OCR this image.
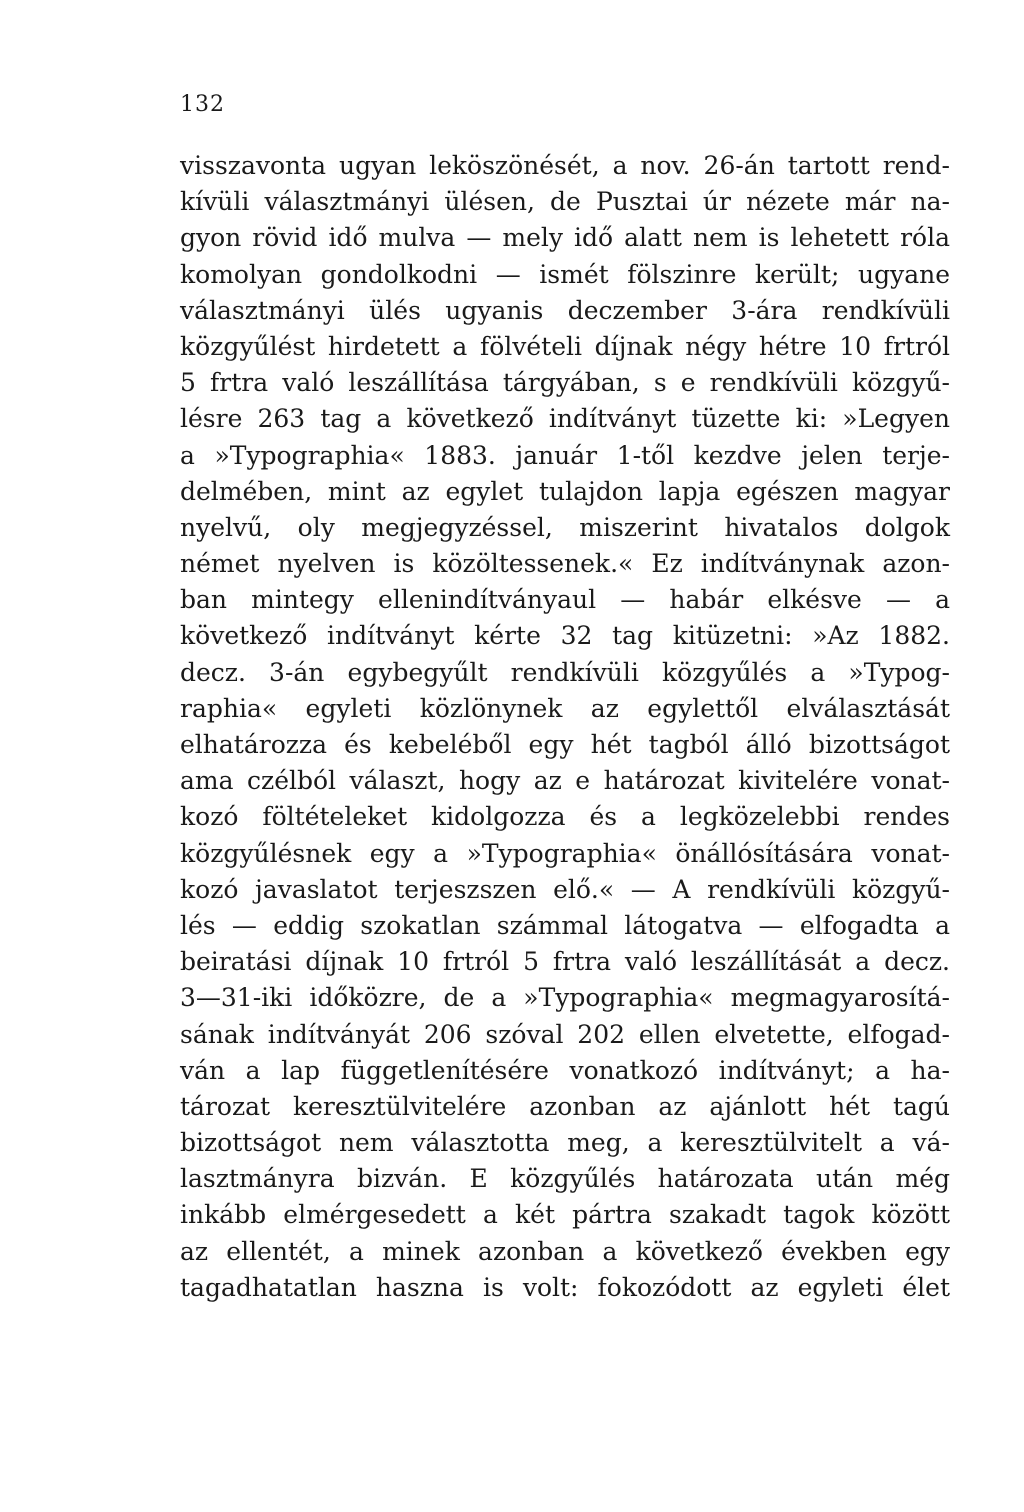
132
visszavonta ugyan leköszönését, a nov. 26-án tartott rend-
kívüli választmányi ülésen, de Pusztai úr nézete már na-
gyon rövid idő mulva — mely idő alatt nem is lehetett róla
komolyan gondolkodni — ismét fölszinre került; ugyane
választmányi ülés ugyanis deczember 3-ára rendkívüli
közgyűlést hirdetett a fölvételi díjnak négy hétre 10 frtról
5 frtra való leszállítása tárgyában, s e rendkívüli közgyű-
lésre 263 tag a következő indítványt tüzette ki: »Legyen
a »Typographia« 1883. január 1-től kezdve jelen terje-
delmében, mint az egylet tulajdon lapja egészen magyar
nyelvű, oly megjegyzéssel, miszerint hivatalos dolgok
német nyelven is közöltessenek.« Ez indítványnak azon-
ban mintegy ellenindítványaul — habár elkésve — a
következő indítványt kérte 32 tag kitüzetni: »Az 1882.
decz. 3-án egybegyűlt rendkívüli közgyűlés a »Typog-
raphia« egyleti közlönynek az egylettől elválasztását
elhatározza és kebeléből egy hét tagból álló bizottságot
ama czélból választ, hogy az e határozat kivitelére vonat-
kozó föltételeket kidolgozza és a legközelebbi rendes
közgyűlésnek egy a »Typographia« önállósítására vonat-
kozó javaslatot terjeszszen elő.« — A rendkívüli közgyű-
lés — eddig szokatlan számmal látogatva — elfogadta a
beiratási díjnak 10 frtról 5 frtra való leszállítását a decz.
3—31-iki időközre, de a »Typographia« megmagyarosítá-
sának indítványát 206 szóval 202 ellen elvetette, elfogad-
ván a lap függetlenítésére vonatkozó indítványt; a ha-
tározat keresztülvitelére azonban az ajánlott hét tagú
bizottságot nem választotta meg, a keresztülvitelt a vá-
lasztmányra bizván. E közgyűlés határozata után még
inkább elmérgesedett a két pártra szakadt tagok között
az ellentét, a minek azonban a következő években egy
tagadhatatlan haszna is volt: fokozódott az egyleti élet
